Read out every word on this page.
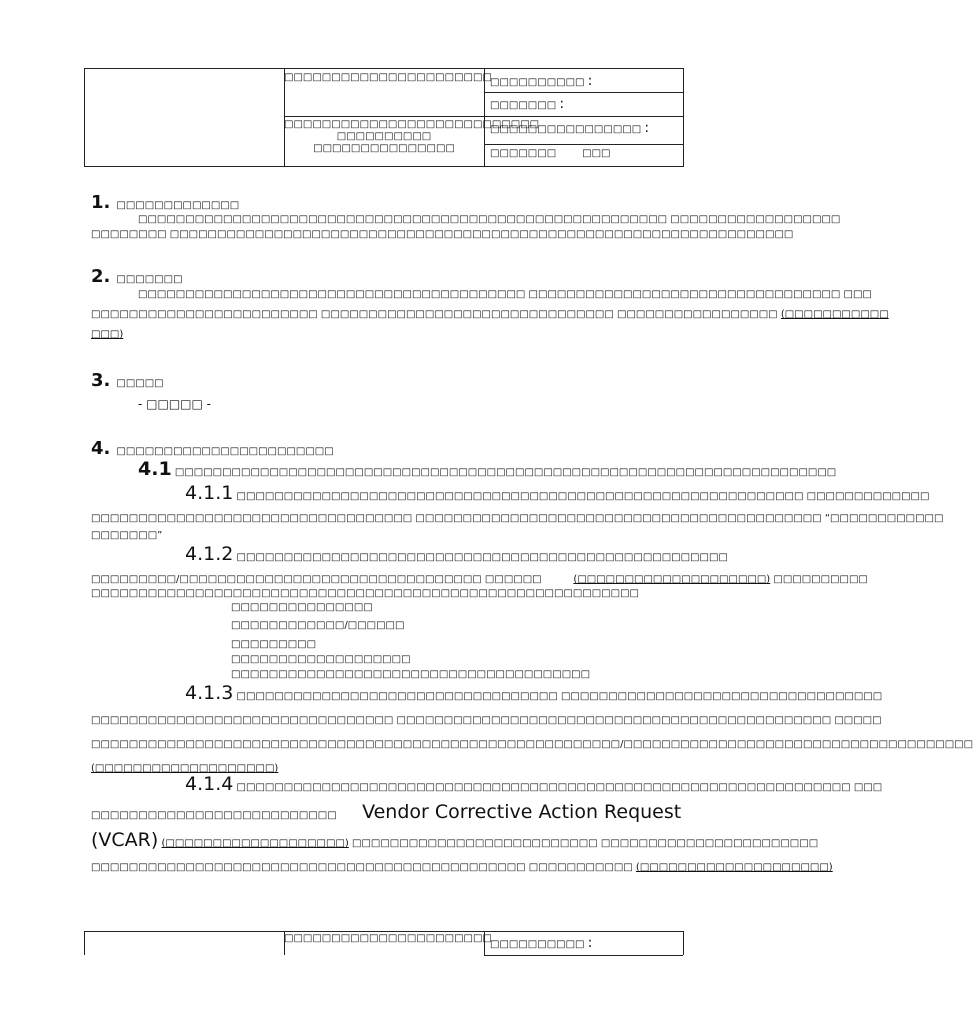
□□□□□□□□□□□□□□□□□□□□□□
□□□□□□□□□□□□□□□□□□□□□□□□□□□
□□□□□□□□□□
□□□□□□□□□□□□□□□
□□□□□□□□□□ :
□□□□□□□ :
□□□□□□□□□□□□□□□□ :
□□□□□□□	□□□
1. □□□□□□□□□□□□□
□□□□□□□□□□□□□□□□□□□□□□□□□□□□□□□□□□□□□□□□□□□□□□□□□□□□□□□□ □□□□□□□□□□□□□□□□□□
□□□□□□□□ □□□□□□□□□□□□□□□□□□□□□□□□□□□□□□□□□□□□□□□□□□□□□□□□□□□□□□□□□□□□□□□□□□
2. □□□□□□□
□□□□□□□□□□□□□□□□□□□□□□□□□□□□□□□□□□□□□□□□□ □□□□□□□□□□□□□□□□□□□□□□□□□□□□□□□□□ □□□
□□□□□□□□□□□□□□□□□□□□□□□□ □□□□□□□□□□□□□□□□□□□□□□□□□□□□□□□ □□□□□□□□□□□□□□□□□ (□□□□□□□□□□□
□□□)
3. □□□□□
- □□□□□ -
4. □□□□□□□□□□□□□□□□□□□□□□□
4.1 □□□□□□□□□□□□□□□□□□□□□□□□□□□□□□□□□□□□□□□□□□□□□□□□□□□□□□□□□□□□□□□□□□□□□□
4.1.1 □□□□□□□□□□□□□□□□□□□□□□□□□□□□□□□□□□□□□□□□□□□□□□□□□□□□□□□□□□□□ □□□□□□□□□□□□□
□□□□□□□□□□□□□□□□□□□□□□□□□□□□□□□□□□ □□□□□□□□□□□□□□□□□□□□□□□□□□□□□□□□□□□□□□□□□□□ “□□□□□□□□□□□□
□□□□□□□”
4.1.2 □□□□□□□□□□□□□□□□□□□□□□□□□□□□□□□□□□□□□□□□□□□□□□□□□□□□
□□□□□□□□□/□□□□□□□□□□□□□□□□□□□□□□□□□□□□□□□□ □□□□□□	(□□□□□□□□□□□□□□□□□□□□) □□□□□□□□□□
□□□□□□□□□□□□□□□□□□□□□□□□□□□□□□□□□□□□□□□□□□□□□□□□□□□□□□□□□□
□□□□□□□□□□□□□□□
□□□□□□□□□□□□/□□□□□□
□□□□□□□□□
□□□□□□□□□□□□□□□□□□□
□□□□□□□□□□□□□□□□□□□□□□□□□□□□□□□□□□□□□□
4.1.3 □□□□□□□□□□□□□□□□□□□□□□□□□□□□□□□□□□ □□□□□□□□□□□□□□□□□□□□□□□□□□□□□□□□□□
□□□□□□□□□□□□□□□□□□□□□□□□□□□□□□□□ □□□□□□□□□□□□□□□□□□□□□□□□□□□□□□□□□□□□□□□□□□□□□□ □□□□□
□□□□□□□□□□□□□□□□□□□□□□□□□□□□□□□□□□□□□□□□□□□□□□□□□□□□□□□□/□□□□□□□□□□□□□□□□□□□□□□□□□□□□□□□□□□□□□
(□□□□□□□□□□□□□□□□□□□)
4.1.4 □□□□□□□□□□□□□□□□□□□□□□□□□□□□□□□□□□□□□□□□□□□□□□□□□□□□□□□□□□□□□□□□□ □□□
□□□□□□□□□□□□□□□□□□□□□□□□□□ Vendor Corrective Action Request
(VCAR) (□□□□□□□□□□□□□□□□□□□) □□□□□□□□□□□□□□□□□□□□□□□□□□ □□□□□□□□□□□□□□□□□□□□□□□
□□□□□□□□□□□□□□□□□□□□□□□□□□□□□□□□□□□□□□□□□□□□□□ □□□□□□□□□□□ (□□□□□□□□□□□□□□□□□□□□)
□□□□□□□□□□□□□□□□□□□□□□
□□□□□□□□□□ :
